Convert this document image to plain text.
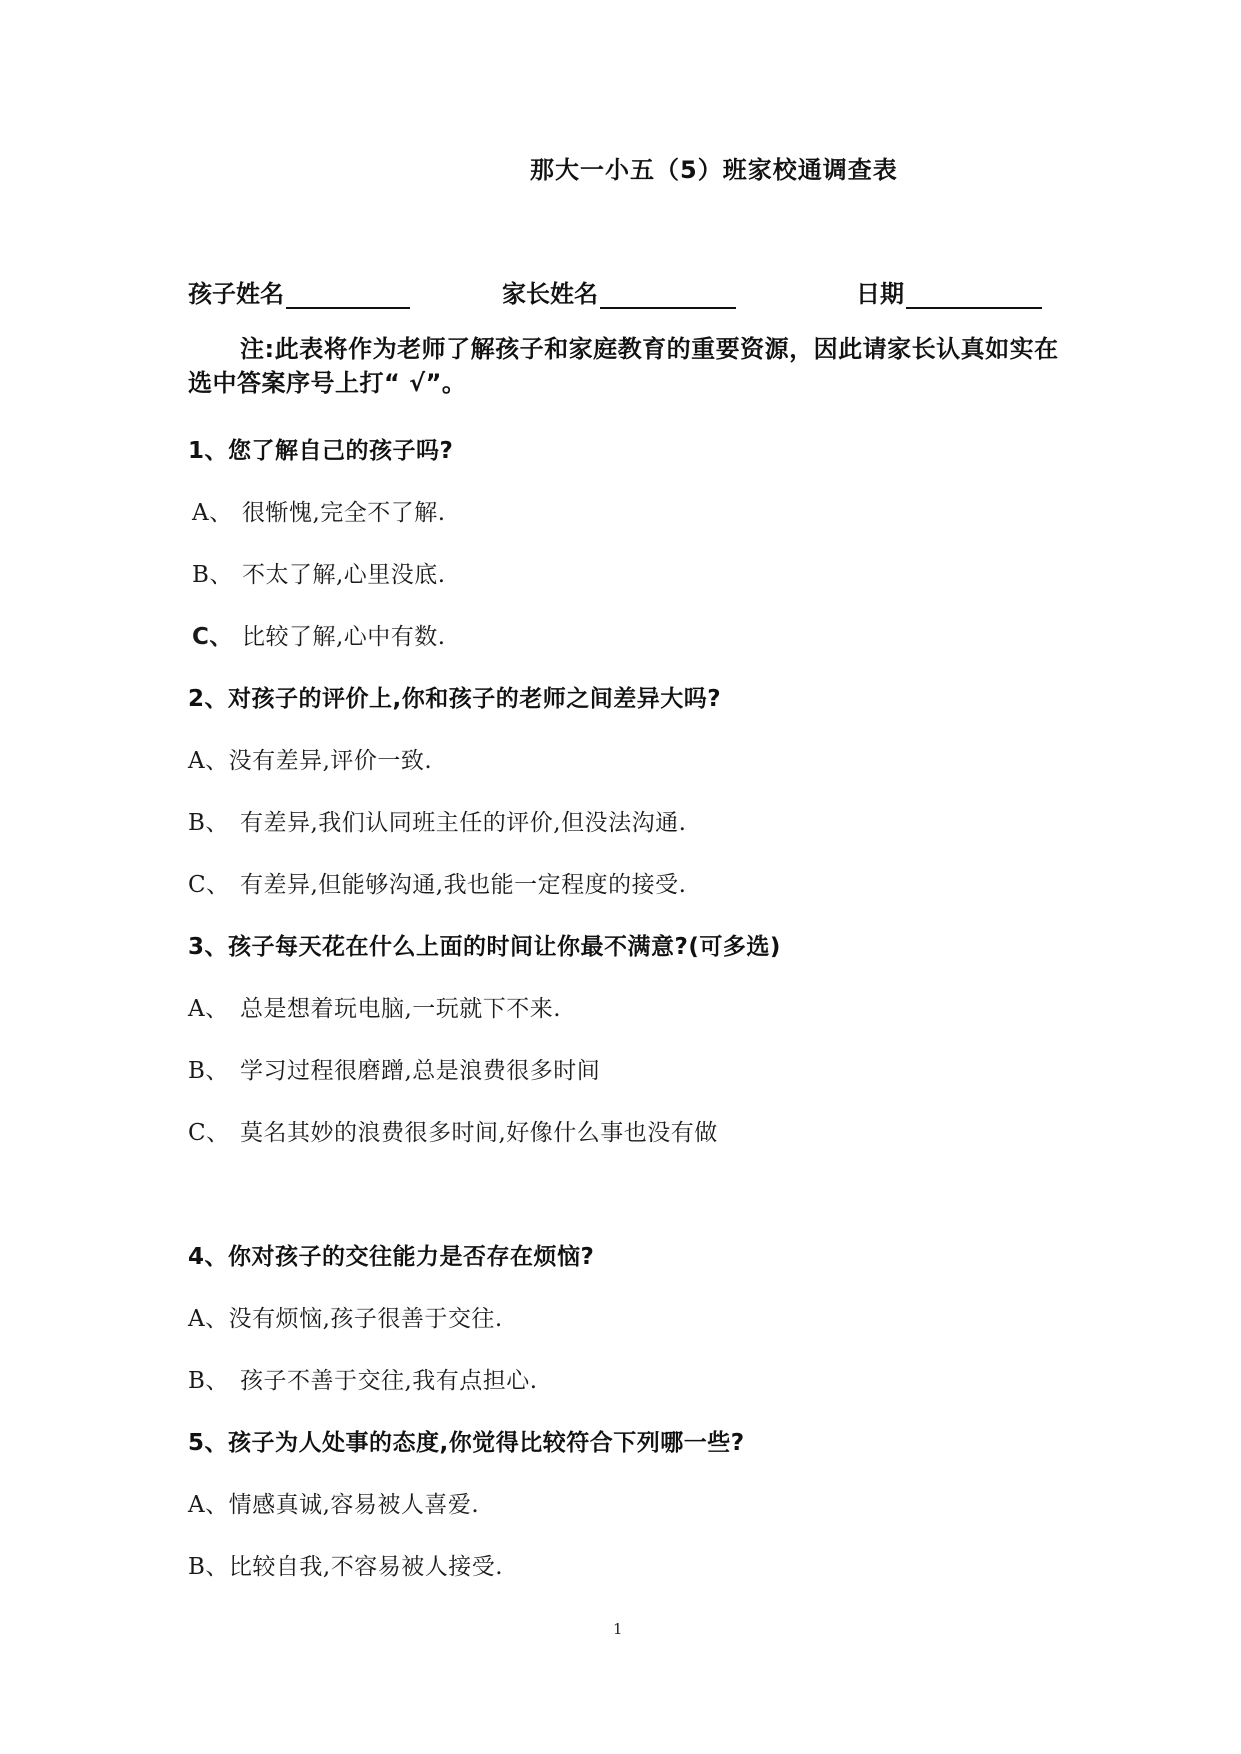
那大一小五（5）班家校通调查表
孩子姓名	家长姓名	日期
注:此表将作为老师了解孩子和家庭教育的重要资源，因此请家长认真如实在选中答案序号上打“ √”。
1、您了解自己的孩子吗?
A、 很惭愧,完全不了解.
B、 不太了解,心里没底.
C、 比较了解,心中有数.
2、对孩子的评价上,你和孩子的老师之间差异大吗?
A、没有差异,评价一致.
B、 有差异,我们认同班主任的评价,但没法沟通.
C、 有差异,但能够沟通,我也能一定程度的接受.
3、孩子每天花在什么上面的时间让你最不满意?(可多选)
A、 总是想着玩电脑,一玩就下不来.
B、 学习过程很磨蹭,总是浪费很多时间
C、 莫名其妙的浪费很多时间,好像什么事也没有做
4、你对孩子的交往能力是否存在烦恼?
A、没有烦恼,孩子很善于交往.
B、 孩子不善于交往,我有点担心.
5、孩子为人处事的态度,你觉得比较符合下列哪一些?
A、情感真诚,容易被人喜爱.
B、比较自我,不容易被人接受.
1
